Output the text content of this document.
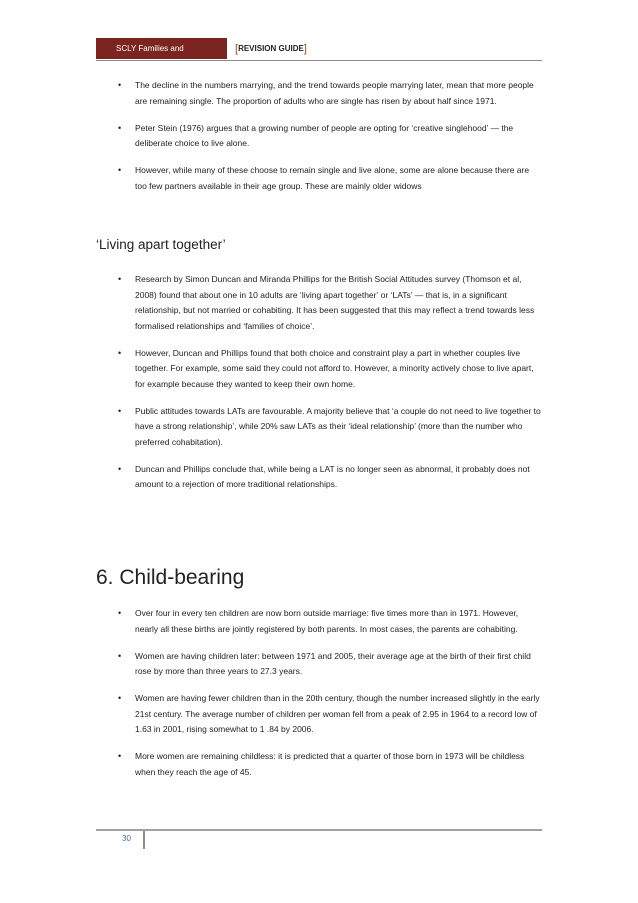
SCLY Families and Households
[REVISION GUIDE]
• The decline in the numbers marrying, and the trend towards people marrying later, mean that more people are remaining single. The proportion of adults who are single has risen by about half since 1971.
• Peter Stein (1976) argues that a growing number of people are opting for ‘creative singlehood’ — the deliberate choice to live alone.
• However, while many of these choose to remain single and live alone, some are alone because there are too few partners available in their age group. These are mainly older widows
‘Living apart together’
• Research by Simon Duncan and Miranda Phillips for the British Social Attitudes survey (Thomson et al, 2008) found that about one in 10 adults are ‘living apart together’ or ‘LATs’ — that is, in a significant relationship, but not married or cohabiting. It has been suggested that this may reflect a trend towards less formalised relationships and ‘families of choice’.
• However, Duncan and Phillips found that both choice and constraint play a part in whether couples live together. For example, some said they could not afford to. However, a minority actively chose to live apart, for example because they wanted to keep their own home.
• Public attitudes towards LATs are favourable. A majority believe that ‘a couple do not need to live together to have a strong relationship’, while 20% saw LATs as their ‘ideal relationship’ (more than the number who preferred cohabitation).
• Duncan and Phillips conclude that, while being a LAT is no longer seen as abnormal, it probably does not amount to a rejection of more traditional relationships.
6. Child-bearing
• Over four in every ten children are now born outside marriage: five times more than in 1971. However, nearly all these births are jointly registered by both parents. In most cases, the parents are cohabiting.
• Women are having children later: between 1971 and 2005, their average age at the birth of their first child rose by more than three years to 27.3 years.
• Women are having fewer children than in the 20th century, though the number increased slightly in the early 21st century. The average number of children per woman fell from a peak of 2.95 in 1964 to a record low of 1.63 in 2001, rising somewhat to 1 .84 by 2006.
• More women are remaining childless: it is predicted that a quarter of those born in 1973 will be childless when they reach the age of 45.
30
